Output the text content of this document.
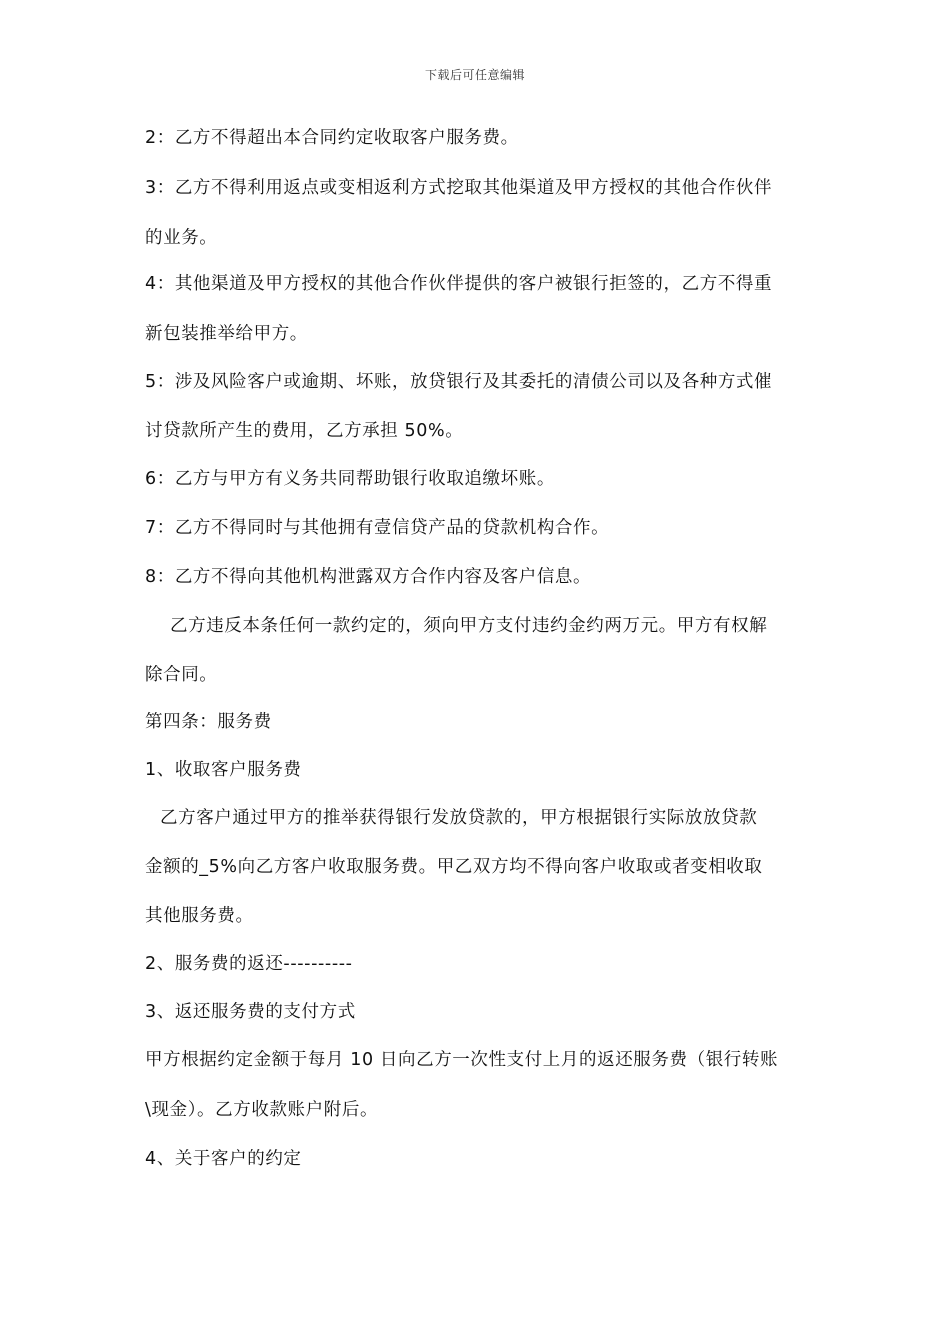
下载后可任意编辑
2：乙方不得超出本合同约定收取客户服务费。
3：乙方不得利用返点或变相返利方式挖取其他渠道及甲方授权的其他合作伙伴
的业务。
4：其他渠道及甲方授权的其他合作伙伴提供的客户被银行拒签的，乙方不得重
新包装推举给甲方。
5：涉及风险客户或逾期、坏账，放贷银行及其委托的清债公司以及各种方式催
讨贷款所产生的费用，乙方承担 50%。
6：乙方与甲方有义务共同帮助银行收取追缴坏账。
7：乙方不得同时与其他拥有壹信贷产品的贷款机构合作。
8：乙方不得向其他机构泄露双方合作内容及客户信息。
乙方违反本条任何一款约定的，须向甲方支付违约金约两万元。甲方有权解
除合同。
第四条：服务费
1、收取客户服务费
乙方客户通过甲方的推举获得银行发放贷款的，甲方根据银行实际放放贷款
金额的_5%向乙方客户收取服务费。甲乙双方均不得向客户收取或者变相收取
其他服务费。
2、服务费的返还----------
3、返还服务费的支付方式
甲方根据约定金额于每月 10 日向乙方一次性支付上月的返还服务费（银行转账
\现金）。乙方收款账户附后。
4、关于客户的约定
